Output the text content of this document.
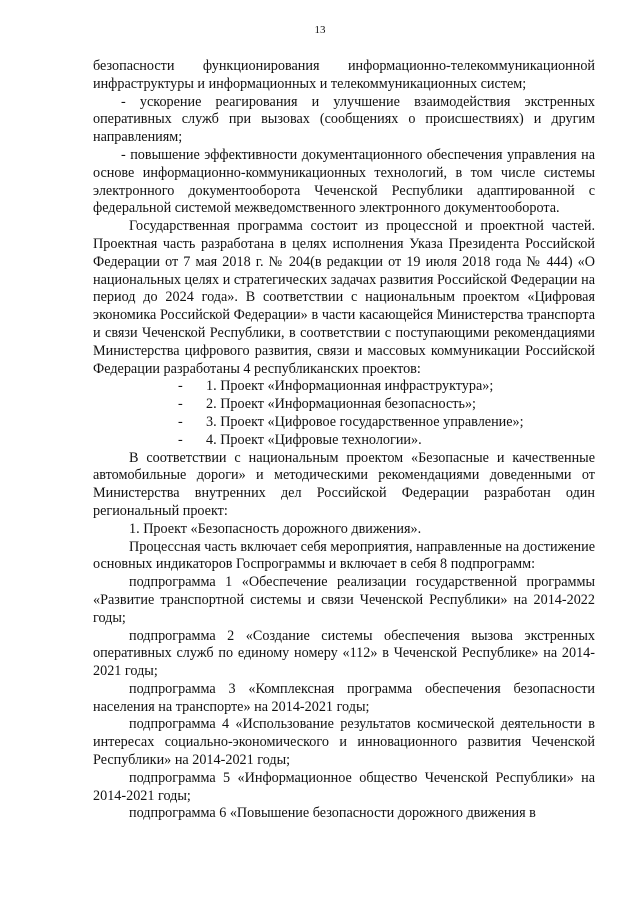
13

безопасности функционирования информационно-телекоммуникационной инфраструктуры и информационных и телекоммуникационных систем;

- ускорение реагирования и улучшение взаимодействия экстренных оперативных служб при вызовах (сообщениях о происшествиях) и другим направлениям;

- повышение эффективности документационного обеспечения управления на основе информационно-коммуникационных технологий, в том числе системы электронного документооборота Чеченской Республики адаптированной с федеральной системой межведомственного электронного документооборота.

Государственная программа состоит из процессной и проектной частей. Проектная часть разработана в целях исполнения Указа Президента Российской Федерации от 7 мая 2018 г. № 204(в редакции от 19 июля 2018 года № 444) «О национальных целях и стратегических задачах развития Российской Федерации на период до 2024 года». В соответствии с национальным проектом «Цифровая экономика Российской Федерации» в части касающейся Министерства транспорта и связи Чеченской Республики, в соответствии с поступающими рекомендациями Министерства цифрового развития, связи и массовых коммуникации Российской Федерации разработаны 4 республиканских проектов:

- 1. Проект «Информационная инфраструктура»;
- 2. Проект «Информационная безопасность»;
- 3. Проект «Цифровое государственное управление»;
- 4. Проект «Цифровые технологии».

В соответствии с национальным проектом «Безопасные и качественные автомобильные дороги» и методическими рекомендациями доведенными от Министерства внутренних дел Российской Федерации разработан один региональный проект:

1. Проект «Безопасность дорожного движения».

Процессная часть включает себя мероприятия, направленные на достижение основных индикаторов Госпрограммы и включает в себя 8 подпрограмм:

подпрограмма 1 «Обеспечение реализации государственной программы «Развитие транспортной системы и связи Чеченской Республики» на 2014-2022 годы;

подпрограмма 2 «Создание системы обеспечения вызова экстренных оперативных служб по единому номеру «112» в Чеченской Республике» на 2014-2021 годы;

подпрограмма 3 «Комплексная программа обеспечения безопасности населения на транспорте» на 2014-2021 годы;

подпрограмма 4 «Использование результатов космической деятельности в интересах социально-экономического и инновационного развития Чеченской Республики» на 2014-2021 годы;

подпрограмма 5 «Информационное общество Чеченской Республики» на 2014-2021 годы;

подпрограмма 6 «Повышение безопасности дорожного движения в
